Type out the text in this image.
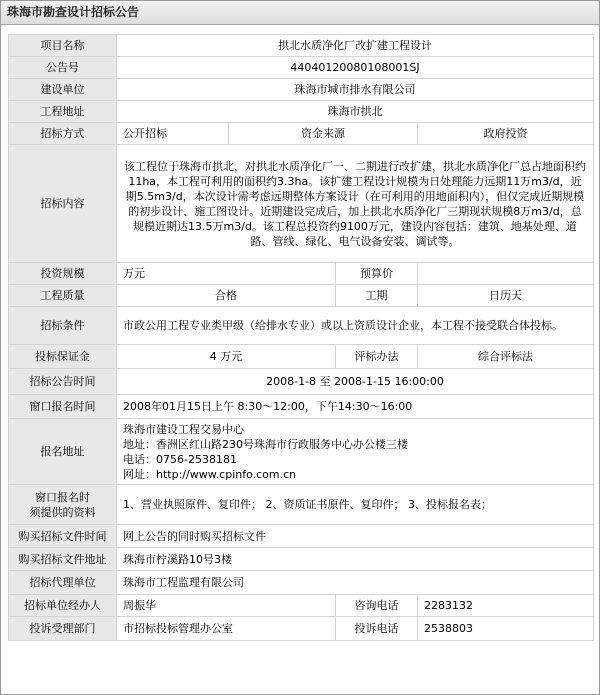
珠海市勘查设计招标公告
项目名称	拱北水质净化厂改扩建工程设计			
公告号	44040120080108001SJ			
建设单位	珠海市城市排水有限公司			
工程地址	珠海市拱北			
招标方式	公开招标	资金来源		政府投资
招标内容	该工程位于珠海市拱北，对拱北水质净化厂一、二期进行改扩建，拱北水质净化厂总占地面积约11ha，本工程可利用的面积约3.3ha。该扩建工程设计规模为日处理能力远期11万m3/d，近期5.5m3/d，本次设计需考虑远期整体方案设计（在可利用的用地面积内），但仅完成近期规模的初步设计、施工图设计。近期建设完成后，加上拱北水质净化厂三期现状规模8万m3/d，总规模近期达13.5万m3/d。该工程总投资约9100万元，建设内容包括：建筑、地基处理、道路、管线、绿化、电气设备安装、调试等。			
投资规模	万元		预算价	
工程质量	合格		工期	日历天
招标条件	市政公用工程专业类甲级（给排水专业）或以上资质设计企业，本工程不接受联合体投标。			
投标保证金	4 万元		评标办法	综合评标法
招标公告时间	2008-1-8 至 2008-1-15 16:00:00			
窗口报名时间	2008年01月15日上午 8:30～12:00，下午14:30～16:00			
报名地址	珠海市建设工程交易中心
地址：香洲区红山路230号珠海市行政服务中心办公楼三楼
电话：0756-2538181
网址：http://www.cpinfo.com.cn			

窗口报名时
须提供的资料	1、营业执照原件、复印件； 2、资质证书原件、复印件； 3、投标报名表；			
购买招标文件时间	网上公告的同时购买招标文件			
购买招标文件地址	珠海市柠溪路10号3楼			
招标代理单位	珠海市工程监理有限公司			
招标单位经办人	周振华		咨询电话	2283132
投诉受理部门	市招标投标管理办公室		投诉电话	2538803
